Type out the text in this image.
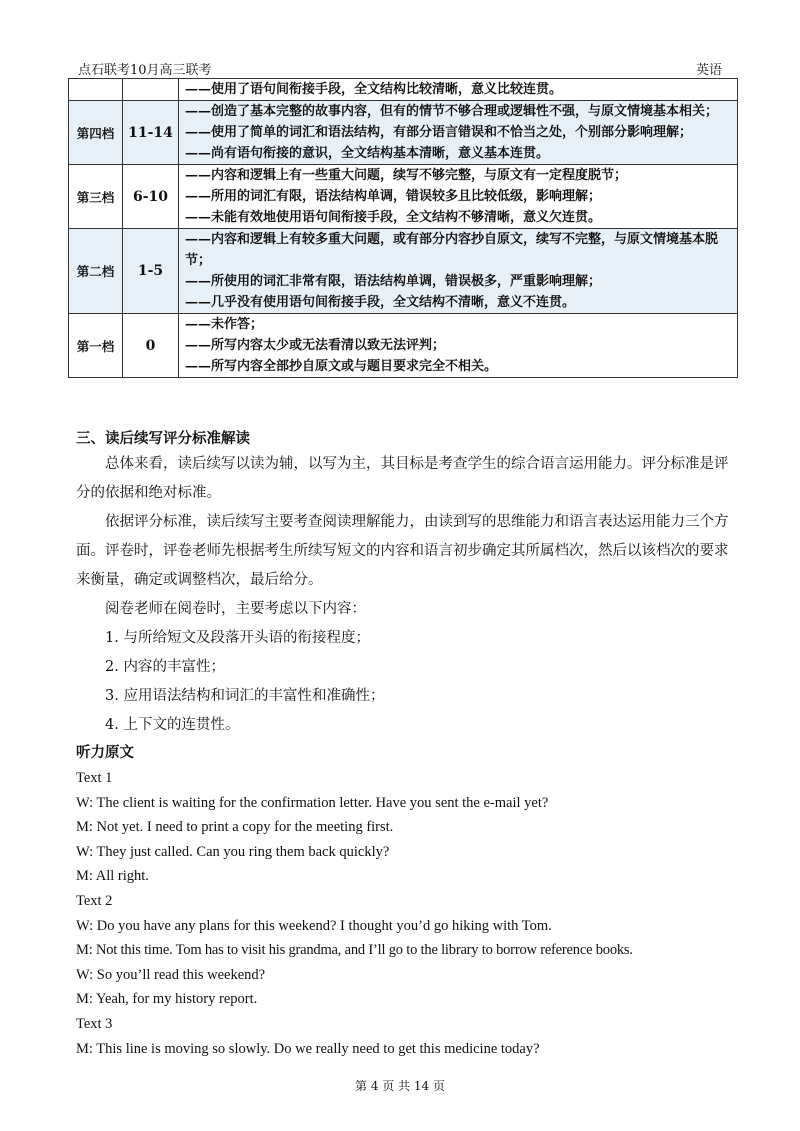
点石联考10月高三联考	英语

		——使用了语句间衔接手段，全文结构比较清晰，意义比较连贯。

第四档	11-14	——创造了基本完整的故事内容，但有的情节不够合理或逻辑性不强，与原文情境基本相关；

——使用了简单的词汇和语法结构，有部分语言错误和不恰当之处，个别部分影响理解；

——尚有语句衔接的意识，全文结构基本清晰，意义基本连贯。

第三档	6-10	——内容和逻辑上有一些重大问题，续写不够完整，与原文有一定程度脱节；

——所用的词汇有限，语法结构单调，错误较多且比较低级，影响理解；

——未能有效地使用语句间衔接手段，全文结构不够清晰，意义欠连贯。

第二档	1-5	——内容和逻辑上有较多重大问题，或有部分内容抄自原文，续写不完整，与原文情境基本脱节；

——所使用的词汇非常有限，语法结构单调，错误极多，严重影响理解；

——几乎没有使用语句间衔接手段，全文结构不清晰，意义不连贯。

第一档	0	——未作答；

——所写内容太少或无法看清以致无法评判；

——所写内容全部抄自原文或与题目要求完全不相关。

三、读后续写评分标准解读

总体来看，读后续写以读为辅，以写为主，其目标是考查学生的综合语言运用能力。评分标准是评分的依据和绝对标准。

依据评分标准，读后续写主要考查阅读理解能力，由读到写的思维能力和语言表达运用能力三个方面。评卷时，评卷老师先根据考生所续写短文的内容和语言初步确定其所属档次，然后以该档次的要求来衡量，确定或调整档次，最后给分。

阅卷老师在阅卷时，主要考虑以下内容：

1. 与所给短文及段落开头语的衔接程度；

2. 内容的丰富性；

3. 应用语法结构和词汇的丰富性和准确性；

4. 上下文的连贯性。

听力原文

Text 1

W: The client is waiting for the confirmation letter. Have you sent the e-mail yet?

M: Not yet. I need to print a copy for the meeting first.

W: They just called. Can you ring them back quickly?

M: All right.

Text 2

W: Do you have any plans for this weekend? I thought you’d go hiking with Tom.

M: Not this time. Tom has to visit his grandma, and I’ll go to the library to borrow reference books.

W: So you’ll read this weekend?

M: Yeah, for my history report.

Text 3

M: This line is moving so slowly. Do we really need to get this medicine today?

第 4 页 共 14 页
